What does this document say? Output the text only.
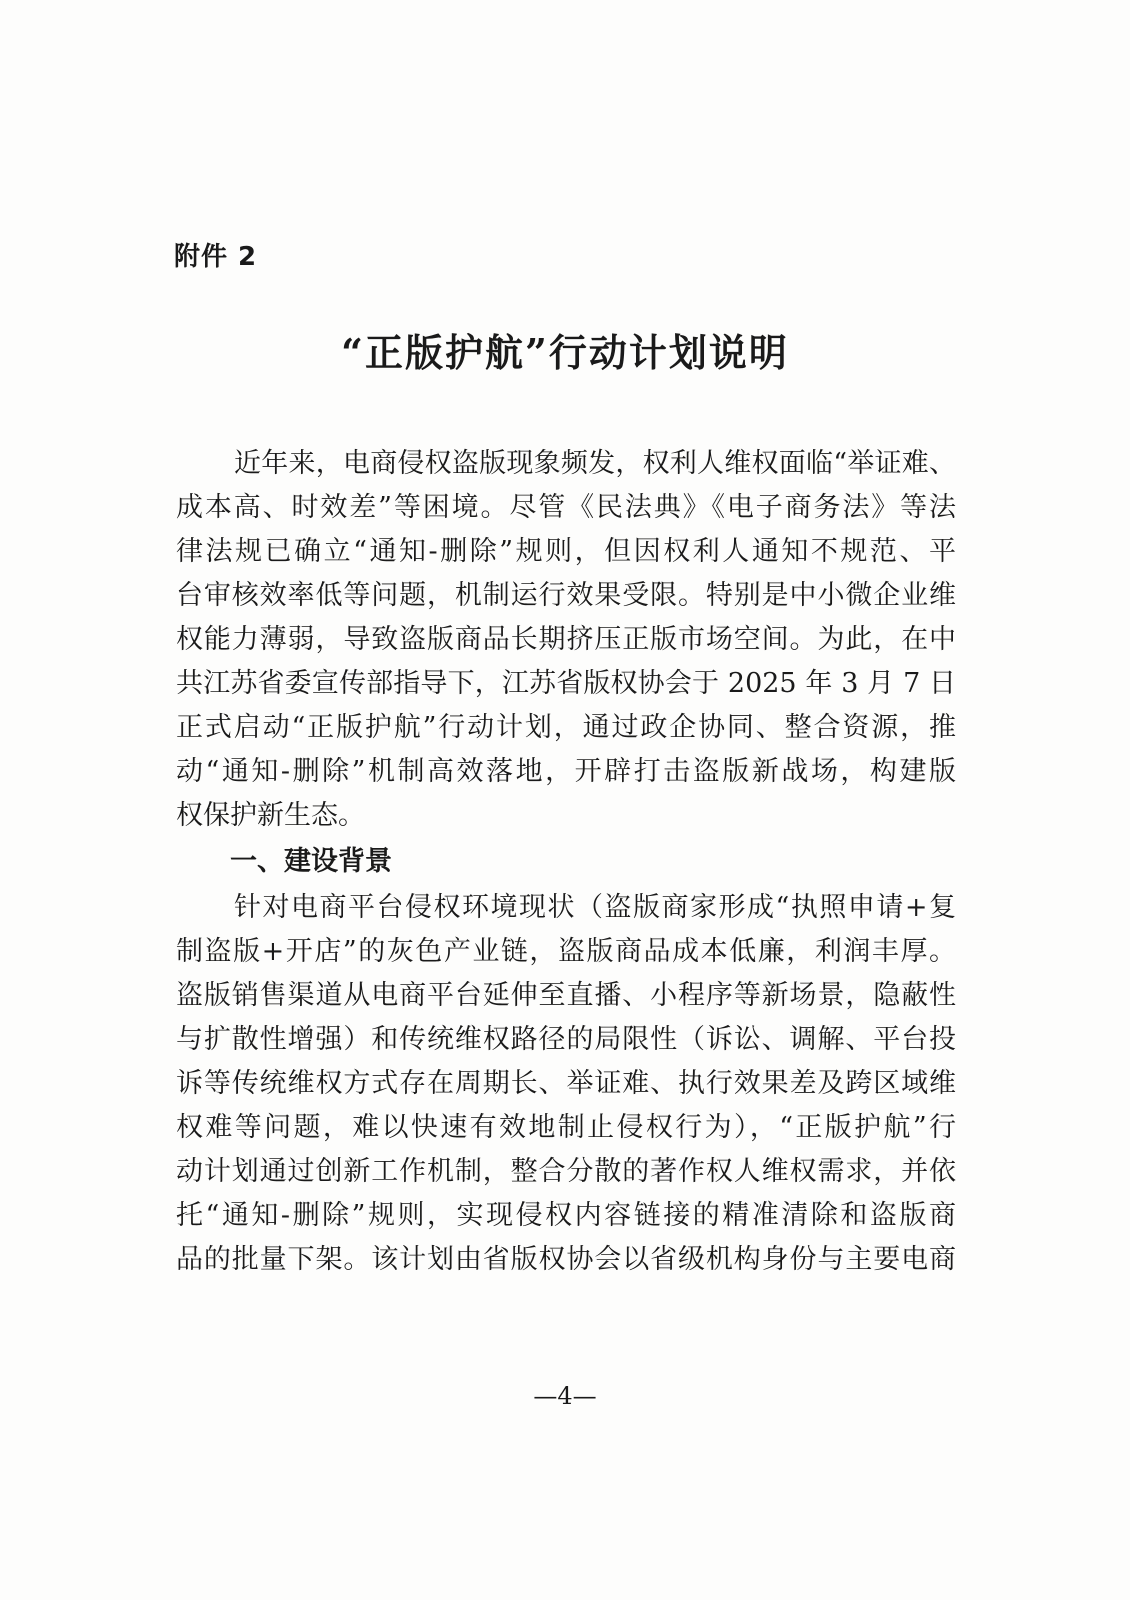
附件 2
“正版护航”行动计划说明
近年来，电商侵权盗版现象频发，权利人维权面临“举证难、
成本高、时效差”等困境。尽管《民法典》《电子商务法》等法
律法规已确立“通知-删除”规则，但因权利人通知不规范、平
台审核效率低等问题，机制运行效果受限。特别是中小微企业维
权能力薄弱，导致盗版商品长期挤压正版市场空间。为此，在中
共江苏省委宣传部指导下，江苏省版权协会于 2025 年 3 月 7 日
正式启动“正版护航”行动计划，通过政企协同、整合资源，推
动“通知-删除”机制高效落地，开辟打击盗版新战场，构建版
权保护新生态。
一、建设背景
针对电商平台侵权环境现状（盗版商家形成“执照申请+复
制盗版+开店”的灰色产业链，盗版商品成本低廉，利润丰厚。
盗版销售渠道从电商平台延伸至直播、小程序等新场景，隐蔽性
与扩散性增强）和传统维权路径的局限性（诉讼、调解、平台投
诉等传统维权方式存在周期长、举证难、执行效果差及跨区域维
权难等问题，难以快速有效地制止侵权行为），“正版护航”行
动计划通过创新工作机制，整合分散的著作权人维权需求，并依
托“通知-删除”规则，实现侵权内容链接的精准清除和盗版商
品的批量下架。该计划由省版权协会以省级机构身份与主要电商
—4—
